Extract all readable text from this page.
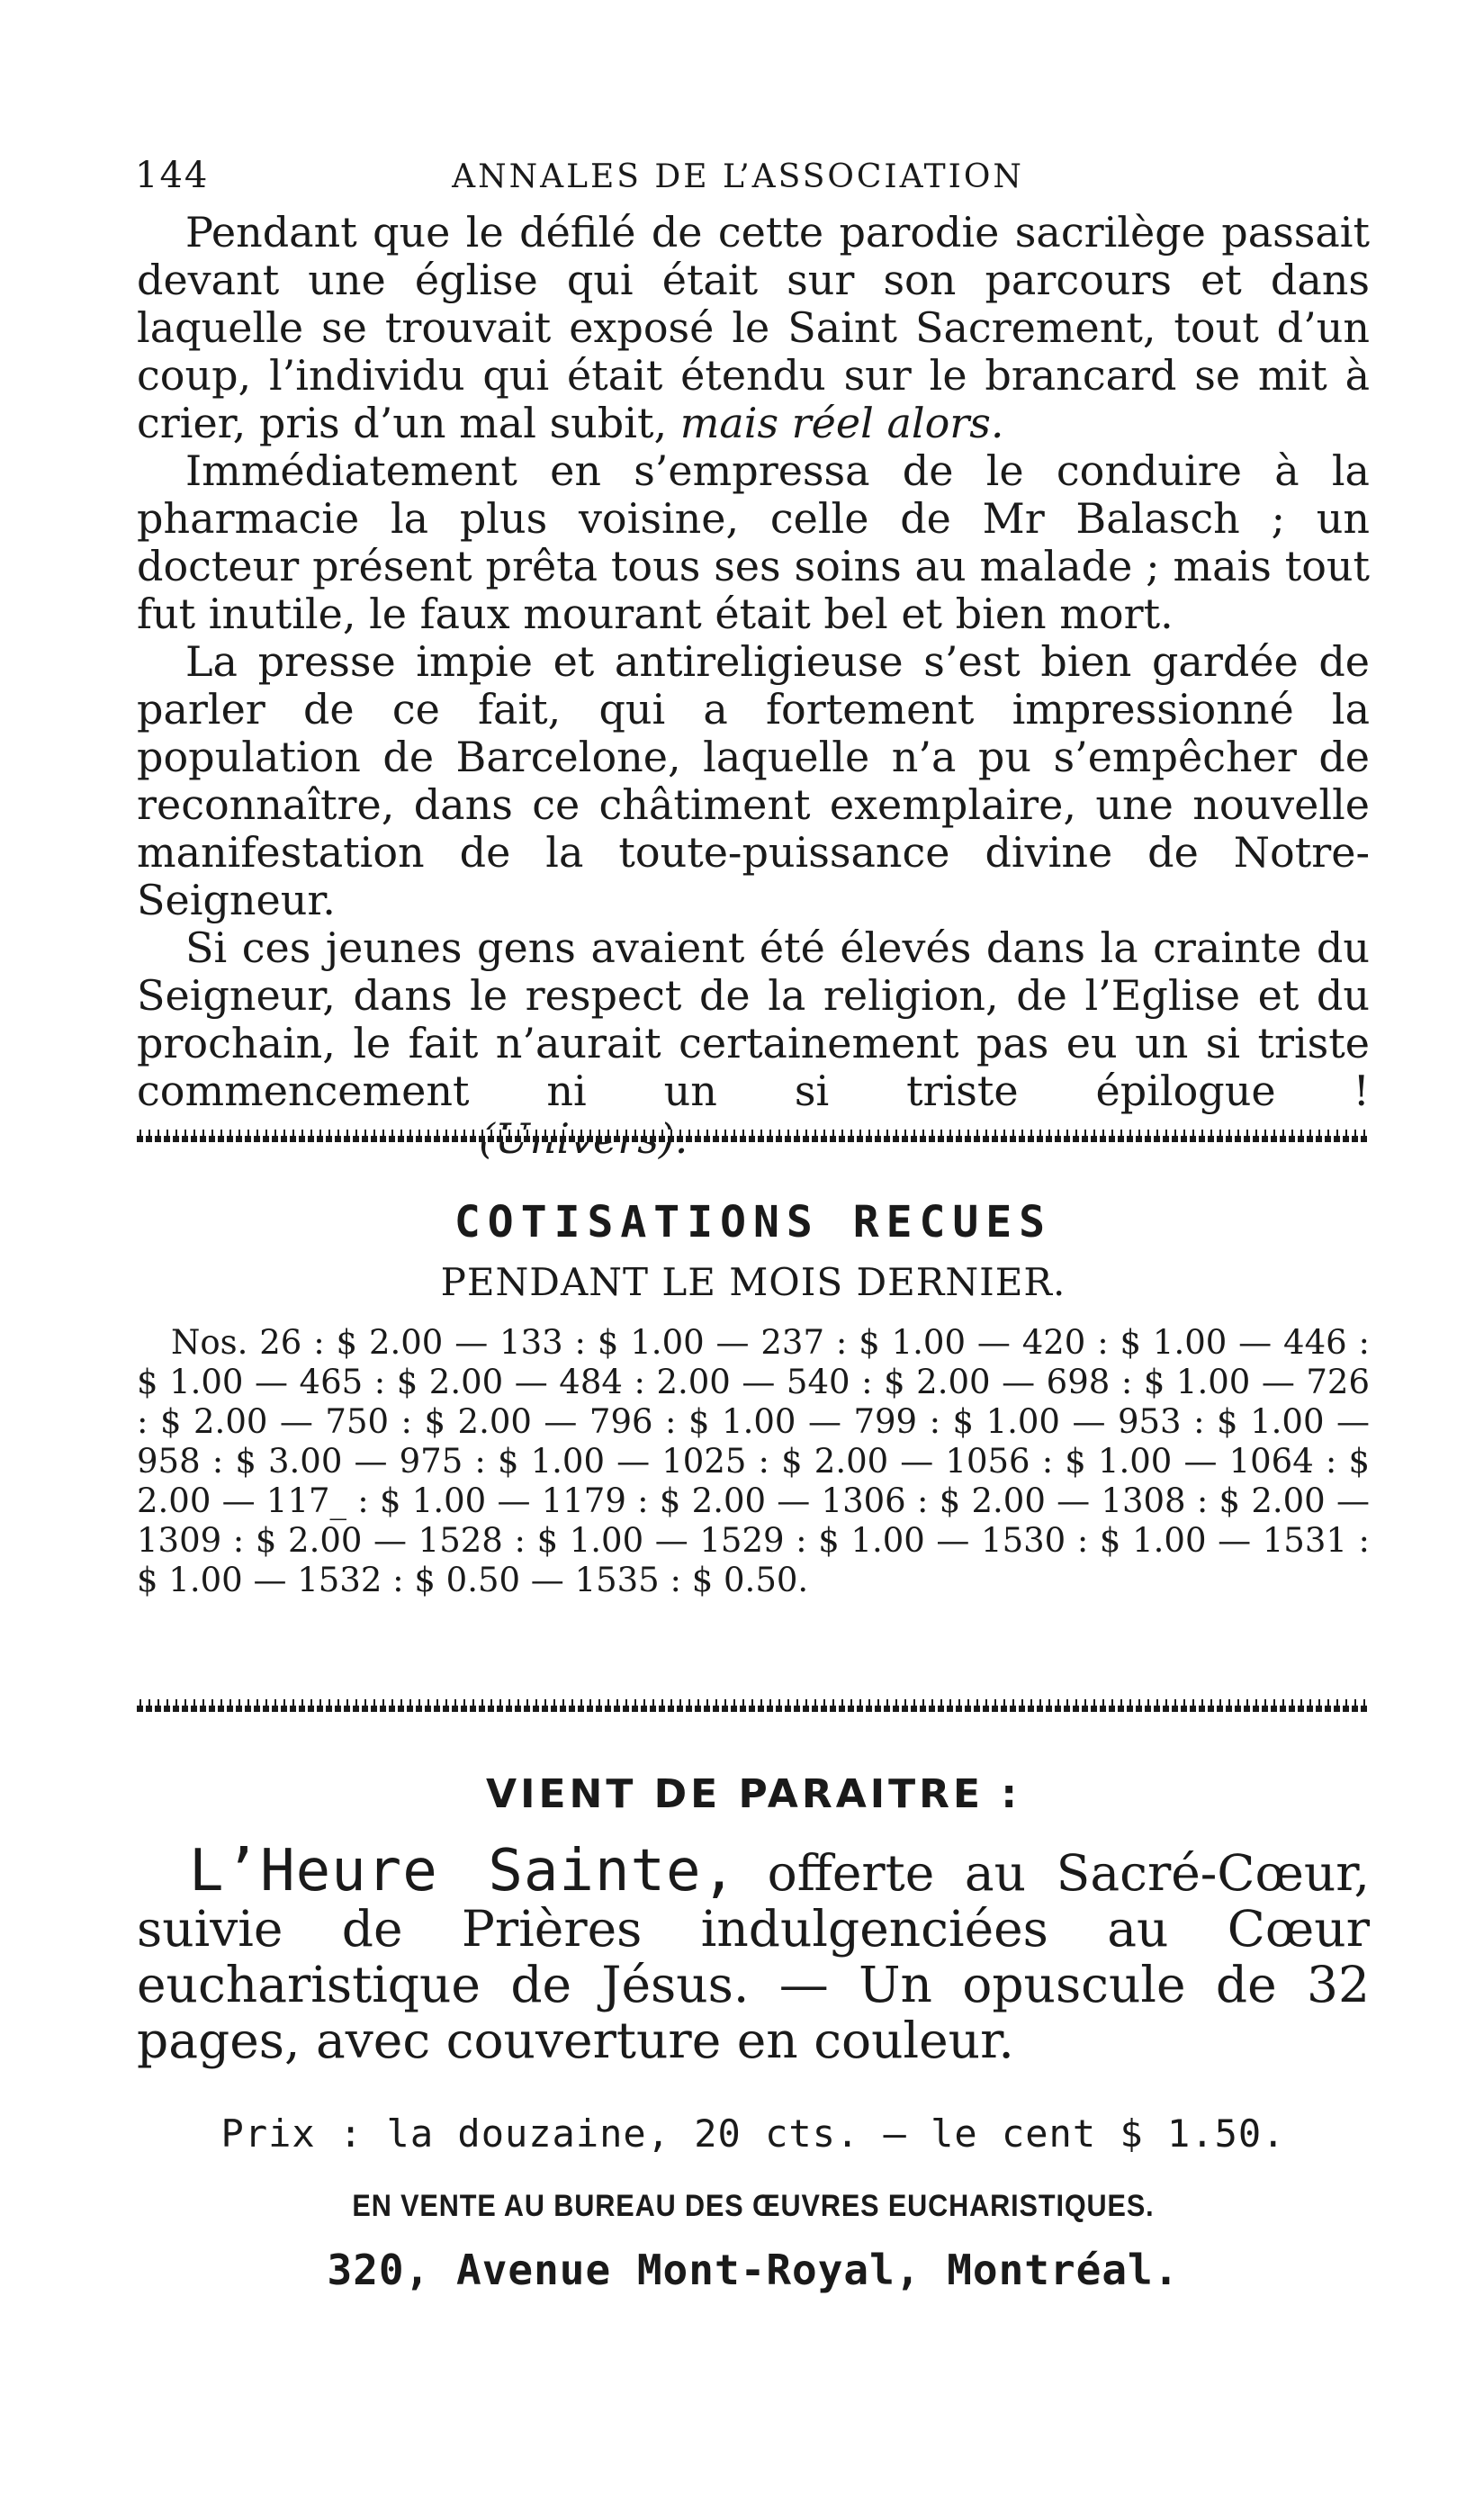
144	ANNALES DE L’ASSOCIATION

Pendant que le défilé de cette parodie sacrilège passait devant une église qui était sur son parcours et dans laquelle se trouvait exposé le Saint Sacrement, tout d’un coup, l’individu qui était étendu sur le brancard se mit à crier, pris d’un mal subit, mais réel alors.

Immédiatement en s’empressa de le conduire à la pharmacie la plus voisine, celle de Mr Balasch ; un docteur présent prêta tous ses soins au malade ; mais tout fut inutile, le faux mourant était bel et bien mort.

La presse impie et antireligieuse s’est bien gardée de parler de ce fait, qui a fortement impressionné la population de Barcelone, laquelle n’a pu s’empêcher de reconnaître, dans ce châtiment exemplaire, une nouvelle manifestation de la toute-puissance divine de Notre-Seigneur.

Si ces jeunes gens avaient été élevés dans la crainte du Seigneur, dans le respect de la religion, de l’Eglise et du prochain, le fait n’aurait certainement pas eu un si triste commencement ni un si triste épilogue !

COTISATIONS RECUES
PENDANT LE MOIS DERNIER.

Nos. 26 : $ 2.00 — 133 : $ 1.00 — 237 : $ 1.00 — 420 : $ 1.00 — 446 : $ 1.00 — 465 : $ 2.00 — 484 : 2.00 — 540 : $ 2.00 — 698 : $ 1.00 — 726 : $ 2.00 — 750 : $ 2.00 — 796 : $ 1.00 — 799 : $ 1.00 — 953 : $ 1.00 — 958 : $ 3.00 — 975 : $ 1.00 — 1025 : $ 2.00 — 1056 : $ 1.00 — 1064 : $ 2.00 — 117_ : $ 1.00 — 1179 : $ 2.00 — 1306 : $ 2.00 — 1308 : $ 2.00 — 1309 : $ 2.00 — 1528 : $ 1.00 — 1529 : $ 1.00 — 1530 : $ 1.00 — 1531 : $ 1.00 — 1532 : $ 0.50 — 1535 : $ 0.50.

VIENT DE PARAITRE :

L’Heure Sainte, offerte au Sacré-Cœur, suivie de Prières indulgenciées au Cœur eucharistique de Jésus. — Un opuscule de 32 pages, avec couverture en couleur.

Prix : la douzaine, 20 cts. — le cent $ 1.50.
EN VENTE AU BUREAU DES ŒUVRES EUCHARISTIQUES.
320, Avenue Mont-Royal, Montréal.
